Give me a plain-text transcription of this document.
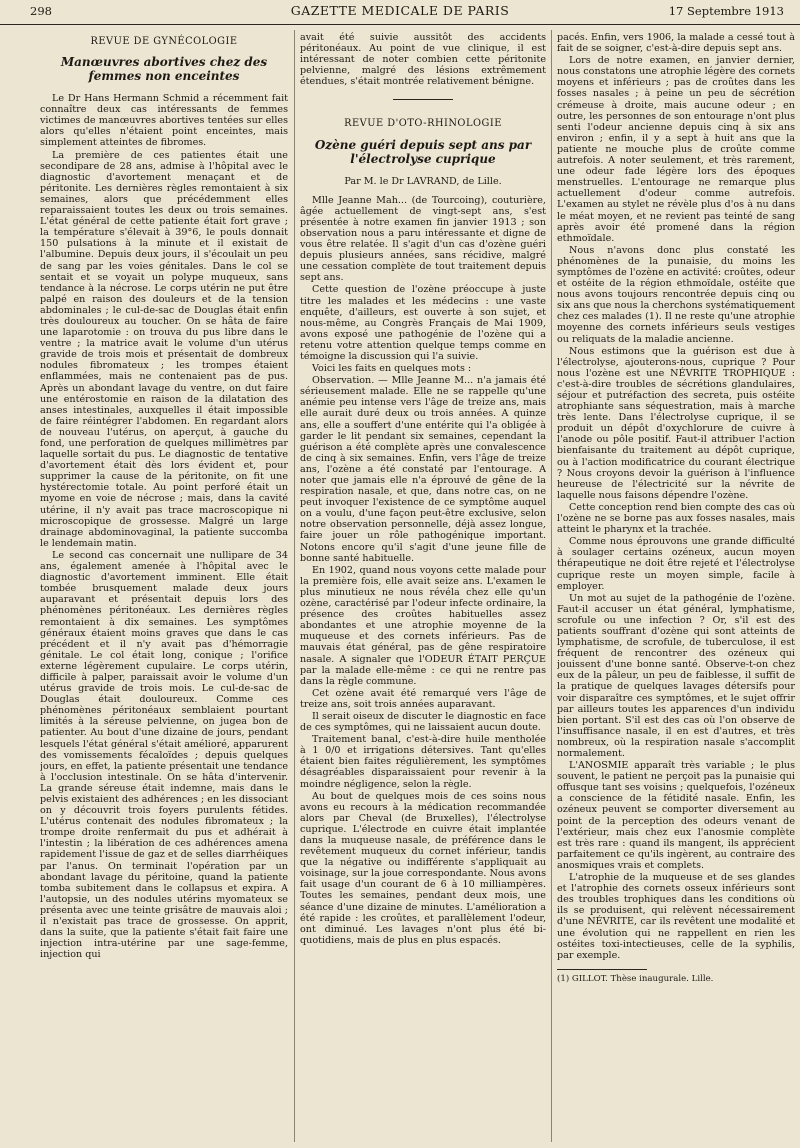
298	GAZETTE MEDICALE DE PARIS	17 Septembre 1913
REVUE DE GYNÉCOLOGIE
Manœuvres abortives chez des femmes non enceintes

Le Dr Hans Hermann Schmid a récemment fait connaître deux cas intéressants de femmes victimes de manœuvres abortives tentées sur elles alors qu'elles n'étaient point enceintes, mais simplement atteintes de fibromes.

La première de ces patientes était une secondipare de 28 ans, admise à l'hôpital avec le diagnostic d'avortement menaçant et de péritonite. Les dernières règles remontaient à six semaines, alors que précédemment elles reparaissaient toutes les deux ou trois semaines. L'état général de cette patiente était fort grave ; la température s'élevait à 39°6, le pouls donnait 150 pulsations à la minute et il existait de l'albumine. Depuis deux jours, il s'écoulait un peu de sang par les voies génitales. Dans le col se sentait et se voyait un polype muqueux, sans tendance à la nécrose. Le corps utérin ne put être palpé en raison des douleurs et de la tension abdominales ; le cul-de-sac de Douglas était enfin très douloureux au toucher. On se hâta de faire une laparotomie : on trouva du pus libre dans le ventre ; la matrice avait le volume d'un utérus gravide de trois mois et présentait de dombreux nodules fibromateux ; les trompes étaient enflammées, mais ne contenaient pas de pus. Après un abondant lavage du ventre, on dut faire une entérostomie en raison de la dilatation des anses intestinales, auxquelles il était impossible de faire réintégrer l'abdomen. En regardant alors de nouveau l'utérus, on aperçut, à gauche du fond, une perforation de quelques millimètres par laquelle sortait du pus. Le diagnostic de tentative d'avortement était dès lors évident et, pour supprimer la cause de la péritonite, on fit une hystérectomie totale. Au point perforé était un myome en voie de nécrose ; mais, dans la cavité utérine, il n'y avait pas trace macroscopique ni microscopique de grossesse. Malgré un large drainage abdominovaginal, la patiente succomba le lendemain matin.

Le second cas concernait une nullipare de 34 ans, également amenée à l'hôpital avec le diagnostic d'avortement imminent. Elle était tombée brusquement malade deux jours auparavant et présentait depuis lors des phénomènes péritonéaux. Les dernières règles remontaient à dix semaines. Les symptômes généraux étaient moins graves que dans le cas précédent et il n'y avait pas d'hémorragie génitale. Le col était long, conique ; l'orifice externe légèrement cupulaire. Le corps utérin, difficile à palper, paraissait avoir le volume d'un utérus gravide de trois mois. Le cul-de-sac de Douglas était douloureux. Comme ces phénomènes péritonéaux semblaient pourtant limités à la séreuse pelvienne, on jugea bon de patienter. Au bout d'une dizaine de jours, pendant lesquels l'état général s'était amélioré, apparurent des vomissements fécaloïdes ; depuis quelques jours, en effet, la patiente présentait une tendance à l'occlusion intestinale. On se hâta d'intervenir. La grande séreuse était indemne, mais dans le pelvis existaient des adhérences ; en les dissociant on y découvrit trois foyers purulents fétides. L'utérus contenait des nodules fibromateux ; la trompe droite renfermait du pus et adhérait à l'intestin ; la libération de ces adhérences amena rapidement l'issue de gaz et de selles diarrhéiques par l'anus. On terminait l'opération par un abondant lavage du péritoine, quand la patiente tomba subitement dans le collapsus et expira. A l'autopsie, un des nodules utérins myomateux se présenta avec une teinte grisâtre de mauvais aloi ; il n'existait pas trace de grossesse. On apprit, dans la suite, que la patiente s'était fait faire une injection intra-utérine par une sage-femme, injection qui

avait été suivie aussitôt des accidents péritonéaux. Au point de vue clinique, il est intéressant de noter combien cette péritonite pelvienne, malgré des lésions extrêmement étendues, s'était montrée relativement bénigne.

REVUE D'OTO-RHINOLOGIE
Ozène guéri depuis sept ans par l'électrolyse cuprique
Par M. le Dr LAVRAND, de Lille.

Mlle Jeanne Mah... (de Tourcoing), couturière, âgée actuellement de vingt-sept ans, s'est présentée à notre examen fin janvier 1913 ; son observation nous a paru intéressante et digne de vous être relatée. Il s'agit d'un cas d'ozène guéri depuis plusieurs années, sans récidive, malgré une cessation complète de tout traitement depuis sept ans.

Cette question de l'ozène préoccupe à juste titre les malades et les médecins : une vaste enquête, d'ailleurs, est ouverte à son sujet, et nous-même, au Congrès Français de Mai 1909, avons exposé une pathogénie de l'ozène qui a retenu votre attention quelque temps comme en témoigne la discussion qui l'a suivie.

Voici les faits en quelques mots :

Observation. — Mlle Jeanne M... n'a jamais été sérieusement malade. Elle ne se rappelle qu'une anémie peu intense vers l'âge de treize ans, mais elle aurait duré deux ou trois années. A quinze ans, elle a souffert d'une entérite qui l'a obligée à garder le lit pendant six semaines, cependant la guérison a été complète après une convalescence de cinq à six semaines. Enfin, vers l'âge de treize ans, l'ozène a été constaté par l'entourage. A noter que jamais elle n'a éprouvé de gêne de la respiration nasale, et que, dans notre cas, on ne peut invoquer l'existence de ce symptôme auquel on a voulu, d'une façon peut-être exclusive, selon notre observation personnelle, déjà assez longue, faire jouer un rôle pathogénique important. Notons encore qu'il s'agit d'une jeune fille de bonne santé habituelle.

En 1902, quand nous voyons cette malade pour la première fois, elle avait seize ans. L'examen le plus minutieux ne nous révéla chez elle qu'un ozène, caractérisé par l'odeur infecte ordinaire, la présence des croûtes habituelles assez abondantes et une atrophie moyenne de la muqueuse et des cornets inférieurs. Pas de mauvais état général, pas de gêne respiratoire nasale. A signaler que l'ODEUR ÉTAIT PERÇUE par la malade elle-même : ce qui ne rentre pas dans la règle commune.

Cet ozène avait été remarqué vers l'âge de treize ans, soit trois années auparavant.

Il serait oiseux de discuter le diagnostic en face de ces symptômes, qui ne laissaient aucun doute.

Traitement banal, c'est-à-dire huile mentholée à 1 0/0 et irrigations détersives. Tant qu'elles étaient bien faites régulièrement, les symptômes désagréables disparaissaient pour revenir à la moindre négligence, selon la règle.

Au bout de quelques mois de ces soins nous avons eu recours à la médication recommandée alors par Cheval (de Bruxelles), l'électrolyse cuprique. L'électrode en cuivre était implantée dans la muqueuse nasale, de préférence dans le revêtement muqueux du cornet inférieur, tandis que la négative ou indifférente s'appliquait au voisinage, sur la joue correspondante. Nous avons fait usage d'un courant de 6 à 10 milliampères. Toutes les semaines, pendant deux mois, une séance d'une dizaine de minutes. L'amélioration a été rapide : les croûtes, et parallèlement l'odeur, ont diminué. Les lavages n'ont plus été bi-quotidiens, mais de plus en plus espacés.

pacés. Enfin, vers 1906, la malade a cessé tout à fait de se soigner, c'est-à-dire depuis sept ans.

Lors de notre examen, en janvier dernier, nous constatons une atrophie légère des cornets moyens et inférieurs ; pas de croûtes dans les fosses nasales ; à peine un peu de sécrétion crémeuse à droite, mais aucune odeur ; en outre, les personnes de son entourage n'ont plus senti l'odeur ancienne depuis cinq à six ans environ ; enfin, il y a sept à huit ans que la patiente ne mouche plus de croûte comme autrefois. A noter seulement, et très rarement, une odeur fade légère lors des époques menstruelles. L'entourage ne remarque plus actuellement d'odeur comme autrefois. L'examen au stylet ne révèle plus d'os à nu dans le méat moyen, et ne revient pas teinté de sang après avoir été promené dans la région ethmoïdale.

Nous n'avons donc plus constaté les phénomènes de la punaisie, du moins les symptômes de l'ozène en activité: croûtes, odeur et ostéite de la région ethmoïdale, ostéite que nous avons toujours rencontrée depuis cinq ou six ans que nous la cherchons systématiquement chez ces malades (1). Il ne reste qu'une atrophie moyenne des cornets inférieurs seuls vestiges ou reliquats de la maladie ancienne.

Nous estimons que la guérison est due à l'électrolyse, ajouterons-nous, cuprique ? Pour nous l'ozène est une NÉVRITE TROPHIQUE : c'est-à-dire troubles de sécrétions glandulaires, séjour et putréfaction des secreta, puis ostéite atrophiante sans séquestration, mais à marche très lente. Dans l'électrolyse cuprique, il se produit un dépôt d'oxychlorure de cuivre à l'anode ou pôle positif. Faut-il attribuer l'action bienfaisante du traitement au dépôt cuprique, ou à l'action modificatrice du courant électrique ? Nous croyons devoir la guérison à l'influence heureuse de l'électricité sur la névrite de laquelle nous faisons dépendre l'ozène.

Cette conception rend bien compte des cas où l'ozène ne se borne pas aux fosses nasales, mais atteint le pharynx et la trachée.

Comme nous éprouvons une grande difficulté à soulager certains ozéneux, aucun moyen thérapeutique ne doit être rejeté et l'électrolyse cuprique reste un moyen simple, facile à employer.

Un mot au sujet de la pathogénie de l'ozène. Faut-il accuser un état général, lymphatisme, scrofule ou une infection ? Or, s'il est des patients souffrant d'ozène qui sont atteints de lymphatisme, de scrofule, de tuberculose, il est fréquent de rencontrer des ozéneux qui jouissent d'une bonne santé. Observe-t-on chez eux de la pâleur, un peu de faiblesse, il suffit de la pratique de quelques lavages détersifs pour voir disparaître ces symptômes, et le sujet offrir par ailleurs toutes les apparences d'un individu bien portant. S'il est des cas où l'on observe de l'insuffisance nasale, il en est d'autres, et très nombreux, où la respiration nasale s'accomplit normalement.

L'ANOSMIE apparaît très variable ; le plus souvent, le patient ne perçoit pas la punaisie qui offusque tant ses voisins ; quelquefois, l'ozéneux a conscience de la fétidité nasale. Enfin, les ozéneux peuvent se comporter diversement au point de la perception des odeurs venant de l'extérieur, mais chez eux l'anosmie complète est très rare : quand ils mangent, ils apprécient parfaitement ce qu'ils ingèrent, au contraire des anosmiques vrais et complets.

L'atrophie de la muqueuse et de ses glandes et l'atrophie des cornets osseux inférieurs sont des troubles trophiques dans les conditions où ils se produisent, qui relèvent nécessairement d'une NÉVRITE, car ils revêtent une modalité et une évolution qui ne rappellent en rien les ostéites toxi-intectieuses, celle de la syphilis, par exemple.

(1) GILLOT. Thèse inaugurale. Lille.
